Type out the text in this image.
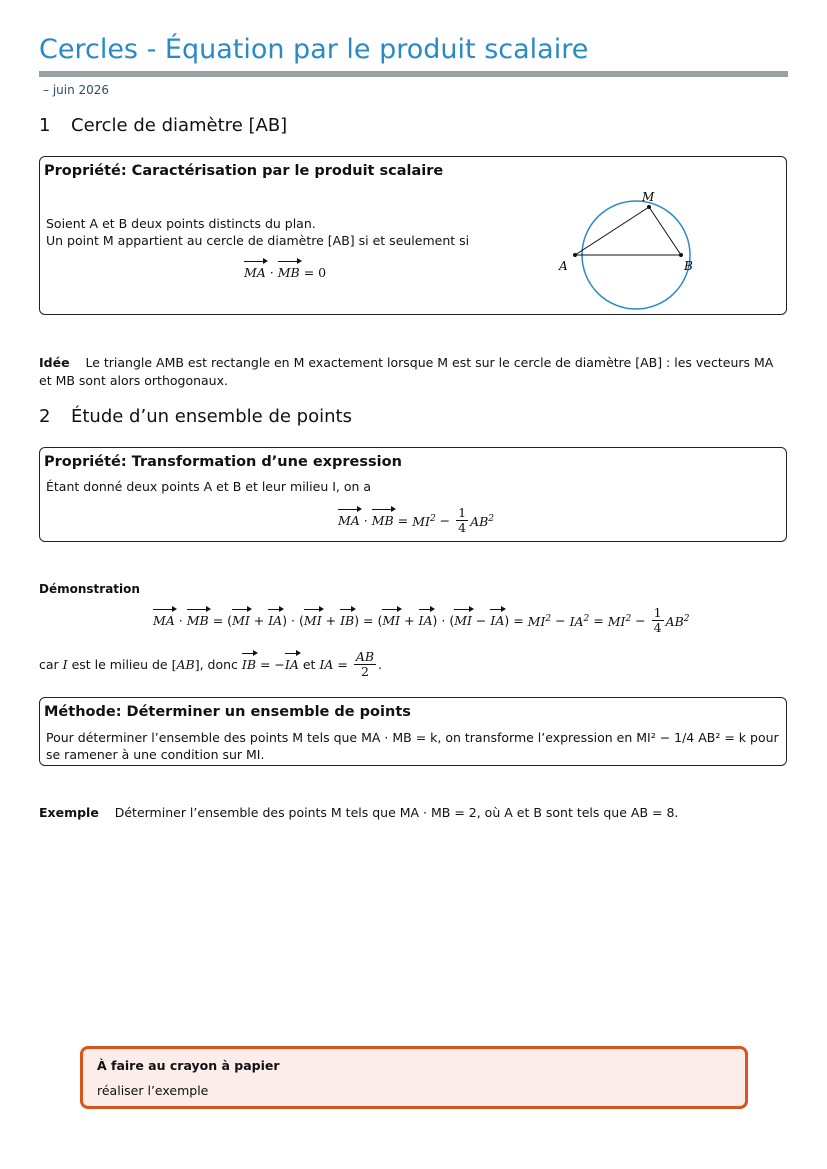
Cercles - Équation par le produit scalaire
– juin 2026
1 Cercle de diamètre [AB]
Propriété: Caractérisation par le produit scalaire
Soient A et B deux points distincts du plan.
Un point M appartient au cercle de diamètre [AB] si et seulement si
MA · MB = 0	A	B
M
Idée Le triangle AMB est rectangle en M exactement lorsque M est sur le cercle de diamètre [AB] : les vecteurs MA et MB sont alors orthogonaux.
2 Étude d’un ensemble de points
Propriété: Transformation d’une expression
Étant donné deux points A et B et leur milieu I, on a
MA · MB
=
$MI^2 - \frac{1}{4} AB^2$
Démonstration
MA · MB = ( MI + IA ) · ( MI + IB ) = ( MI + IA ) · ( MI − IA ) = $MI^2 - IA^2 = MI^2 - \frac{1}{4} AB^2$
car I est le milieu de [ AB ] , donc IB = − IA et IA = $\frac{AB}{2}$ .
Méthode: Déterminer un ensemble de points
Pour déterminer l’ensemble des points M tels que MA · MB = k, on transforme l’expression en MI² − 1/4 AB² = k pour se ramener à une condition sur MI.
Exemple Déterminer l’ensemble des points M tels que MA · MB = 2, où A et B sont tels que AB = 8.
À faire au crayon à papier
réaliser l’exemple
